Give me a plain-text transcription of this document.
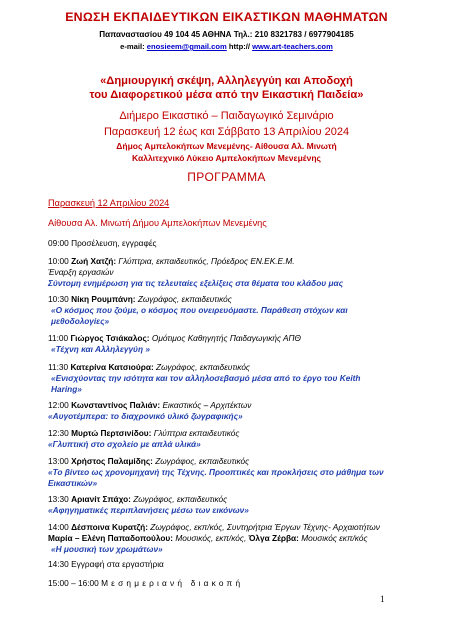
ΕΝΩΣΗ ΕΚΠΑΙΔΕΥΤΙΚΩΝ ΕΙΚΑΣΤΙΚΩΝ ΜΑΘΗΜΑΤΩΝ
Παπαναστασίου 49 104 45 ΑΘΗΝΑ Τηλ.: 210 8321783 / 6977904185
e-mail: enosieem@gmail.com http:// www.art-teachers.com
«Δημιουργική σκέψη, Αλληλεγγύη και Αποδοχή
του Διαφορετικού μέσα από την Εικαστική Παιδεία»
Διήμερο Εικαστικό – Παιδαγωγικό Σεμινάριο
Παρασκευή 12 έως και Σάββατο 13 Απριλίου 2024
Δήμος Αμπελοκήπων Μενεμένης- Αίθουσα Αλ. Μινωτή
Καλλιτεχνικό Λύκειο Αμπελοκήπων Μενεμένης
ΠΡΟΓΡΑΜΜΑ
Παρασκευή 12 Απριλίου 2024
Αίθουσα Αλ. Μινωτή Δήμου Αμπελοκήπων Μενεμένης
09:00 Προσέλευση, εγγραφές
10:00 Ζωή Χατζή: Γλύπτρια, εκπαιδευτικός, Πρόεδρος ΕΝ.ΕΚ.Ε.Μ.
Έναρξη εργασιών
Σύντομη ενημέρωση για τις τελευταίες εξελίξεις στα θέματα του κλάδου μας
10:30 Νίκη Ρουμπάνη: Ζωγράφος, εκπαιδευτικός
«Ο κόσμος που ζούμε, ο κόσμος που ονειρευόμαστε. Παράθεση στόχων και μεθοδολογίες»
11:00 Γιώργος Τσιάκαλος: Ομότιμος Καθηγητής Παιδαγωγικής ΑΠΘ
«Τέχνη και Αλληλεγγύη »
11:30 Κατερίνα Κατσιούρα: Ζωγράφος, εκπαιδευτικός
«Ενισχύοντας την ισότητα και τον αλληλοσεβασμό μέσα από το έργο του Keith Haring»
12:00 Κωνσταντίνος Παλιάν: Εικαστικός – Αρχιτέκτων
«Αυγοτέμπερα: το διαχρονικό υλικό ζωγραφικής»
12:30 Μυρτώ Περτσινίδου: Γλύπτρια εκπαιδευτικός
«Γλυπτική στο σχολείο με απλά υλικά»
13:00 Χρήστος Παλαμίδης: Ζωγράφος, εκπαιδευτικός
«Το βίντεο ως χρονομηχανή της Τέχνης. Προοπτικές και προκλήσεις στο μάθημα των Εικαστικών»
13:30 Αριανίτ Σπάχο: Ζωγράφος, εκπαιδευτικός
«Αφηγηματικές περιπλανήσεις μέσω των εικόνων»
14:00 Δέσποινα Κυρατζή: Ζωγράφος, εκπ/κός, Συντηρήτρια Έργων Τέχνης- Αρχαιοτήτων
Μαρία – Ελένη Παπαδοπούλου: Μουσικός, εκπ/κός, Όλγα Ζέρβα: Μουσικός εκπ/κός
«Η μουσική των χρωμάτων»
14:30 Εγγραφή στα εργαστήρια
15:00 – 16:00 Μεσημεριανή διακοπή
1
